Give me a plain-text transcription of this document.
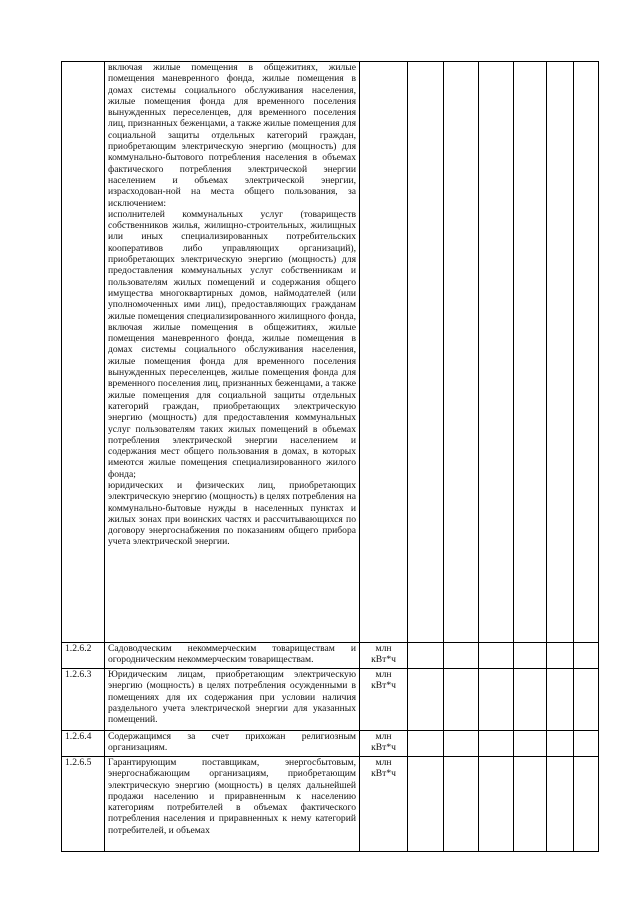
	включая жилые помещения в общежитиях, жилые помещения маневренного фонда, жилые помещения в домах системы социального обслуживания населения, жилые помещения фонда для временного поселения вынужденных переселенцев, для временного поселения лиц, признанных беженцами, а также жилые помещения для социальной защиты отдельных категорий граждан, приобретающим электрическую энергию (мощность) для коммунально-бытового потребления населения в объемах фактического потребления электрической энергии населением и объемах электрической энергии, израсходован-ной на места общего пользования, за исключением:

исполнителей коммунальных услуг (товариществ собственников жилья, жилищно-строительных, жилищных или иных специализированных потребительских кооперативов либо управляющих организаций), приобретающих электрическую энергию (мощность) для предоставления коммунальных услуг собственникам и пользователям жилых помещений и содержания общего имущества многоквартирных домов, наймодателей (или уполномоченных ими лиц), предоставляющих гражданам жилые помещения специализированного жилищного фонда, включая жилые помещения в общежитиях, жилые помещения маневренного фонда, жилые помещения в домах системы социального обслуживания населения, жилые помещения фонда для временного поселения вынужденных переселенцев, жилые помещения фонда для временного поселения лиц, признанных беженцами, а также жилые помещения для социальной защиты отдельных категорий граждан, приобретающих электрическую энергию (мощность) для предоставления коммунальных услуг пользователям таких жилых помещений в объемах потребления электрической энергии населением и содержания мест общего пользования в домах, в которых имеются жилые помещения специализированного жилого фонда;

юридических и физических лиц, приобретающих электрическую энергию (мощность) в целях потребления на коммунально-бытовые нужды в населенных пунктах и жилых зонах при воинских частях и рассчитывающихся по договору энергоснабжения по показаниям общего прибора учета электрической энергии.							

1.2.6.2	Садоводческим некоммерческим товариществам и огородническим некоммерческим товариществам.	млн кВт*ч						
1.2.6.3	Юридическим лицам, приобретающим электрическую энергию (мощность) в целях потребления осужденными в помещениях для их содержания при условии наличия раздельного учета электрической энергии для указанных помещений.	млн кВт*ч						
1.2.6.4	Содержащимся за счет прихожан религиозным организациям.	млн кВт*ч						
1.2.6.5	Гарантирующим поставщикам, энергосбытовым, энергоснабжающим организациям, приобретающим электрическую энергию (мощность) в целях дальнейшей продажи населению и приравненным к населению категориям потребителей в объемах фактического потребления населения и приравненных к нему категорий потребителей, и объемах	млн кВт*ч						
